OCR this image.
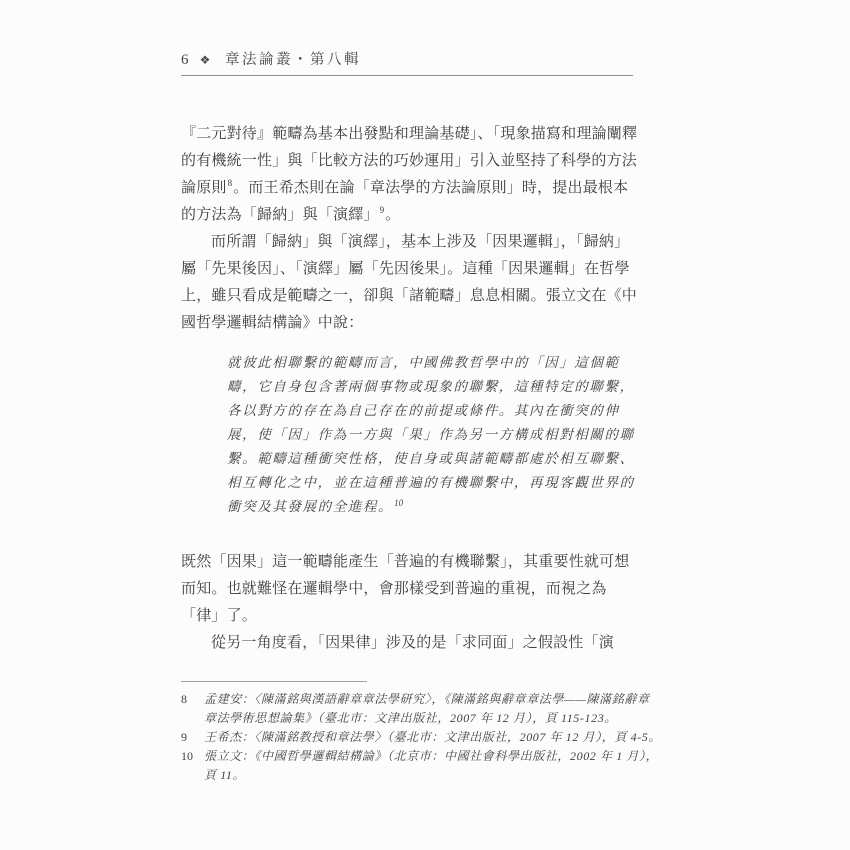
6 ❖ 章法論叢・第八輯
『二元對待』範疇為基本出發點和理論基礎」、「現象描寫和理論闡釋
的有機統一性」與「比較方法的巧妙運用」引入並堅持了科學的方法
論原則$^8$。而王希杰則在論「章法學的方法論原則」時，提出最根本
的方法為「歸納」與「演繹」$^9$。
而所謂「歸納」與「演繹」，基本上涉及「因果邏輯」，「歸納」
屬「先果後因」、「演繹」屬「先因後果」。這種「因果邏輯」在哲學
上，雖只看成是範疇之一，卻與「諸範疇」息息相關。張立文在《中
國哲學邏輯結構論》中說：
就彼此相聯繫的範疇而言，中國佛教哲學中的「因」這個範
疇，它自身包含著兩個事物或現象的聯繫，這種特定的聯繫，
各以對方的存在為自己存在的前提或條件。其內在衝突的伸
展，使「因」作為一方與「果」作為另一方構成相對相關的聯
繫。範疇這種衝突性格，使自身或與諸範疇都處於相互聯繫、
相互轉化之中，並在這種普遍的有機聯繫中，再現客觀世界的
衝突及其發展的全進程。$^{10}$
既然「因果」這一範疇能產生「普遍的有機聯繫」，其重要性就可想
而知。也就難怪在邏輯學中，會那樣受到普遍的重視，而視之為
「律」了。
從另一角度看，「因果律」涉及的是「求同面」之假設性「演
8	孟建安：〈陳滿銘與漢語辭章章法學研究〉，《陳滿銘與辭章章法學——陳滿銘辭章
章法學術思想論集》（臺北市：文津出版社，2007 年 12 月），頁 115-123。
9	王希杰：〈陳滿銘教授和章法學〉（臺北市：文津出版社，2007 年 12 月），頁 4-5。
10 張立文：《中國哲學邏輯結構論》（北京市：中國社會科學出版社，2002 年 1 月），
頁 11。
